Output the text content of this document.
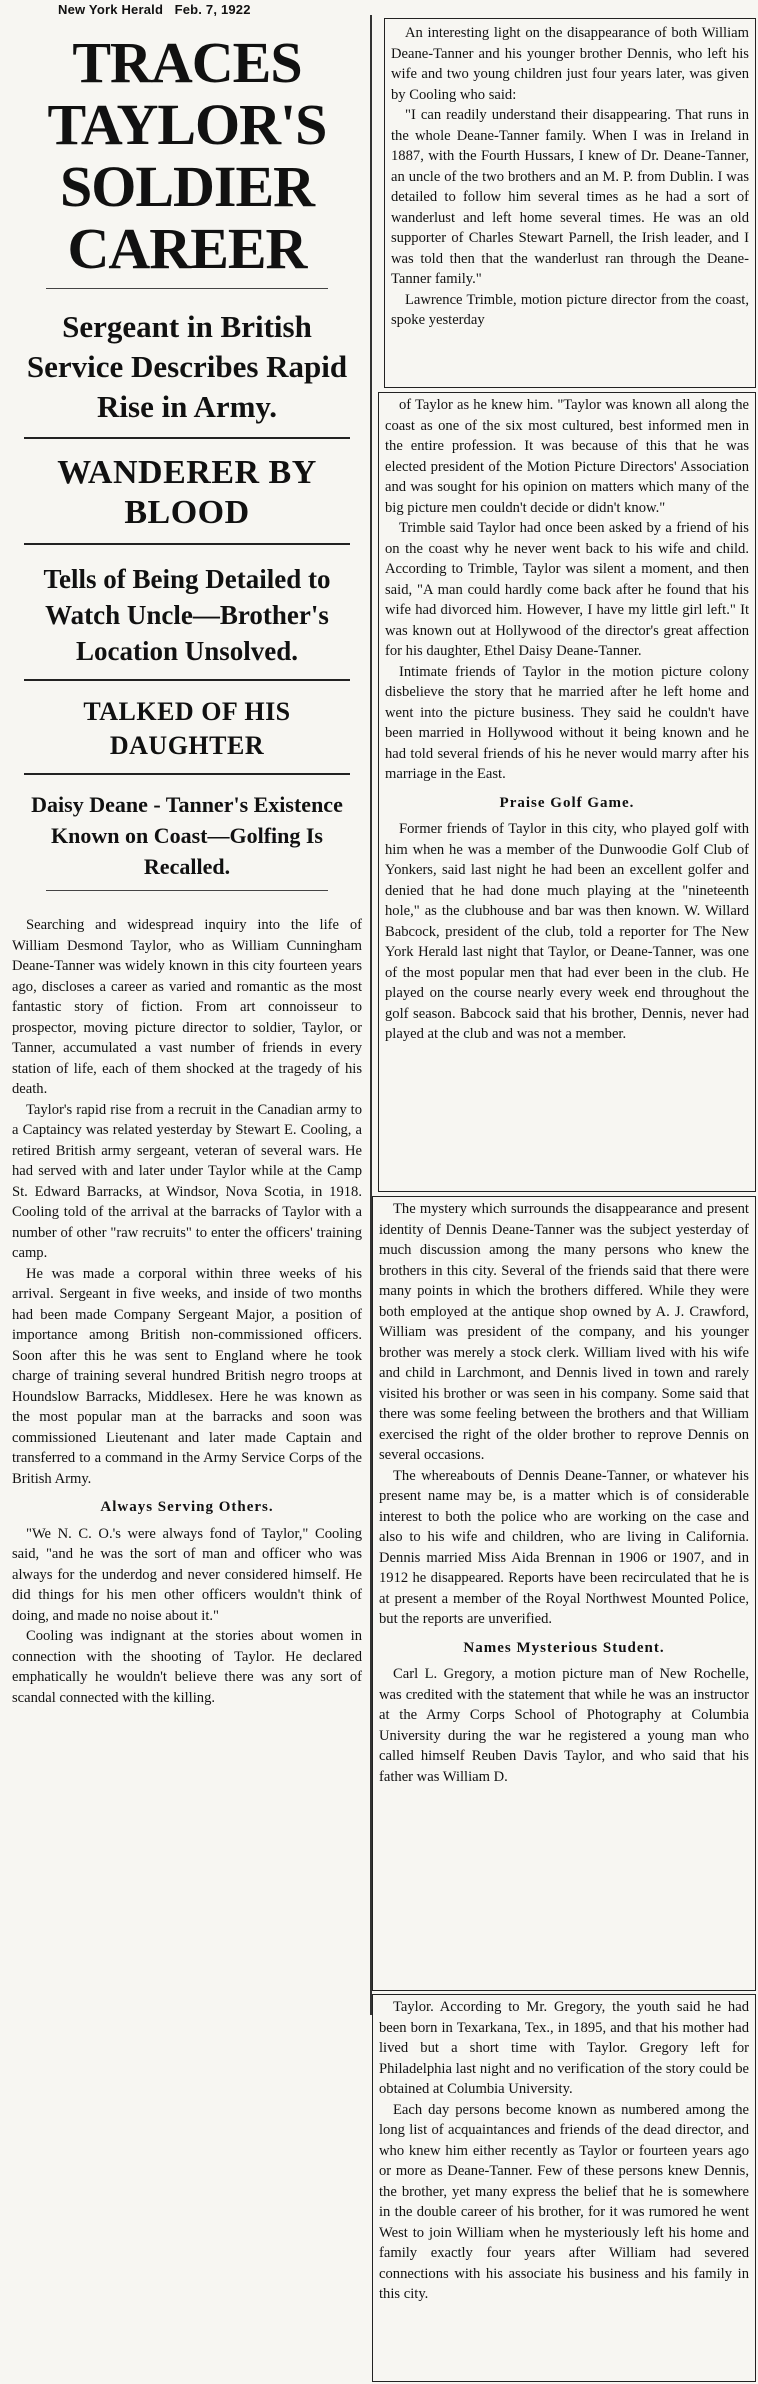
New York Herald Feb. 7, 1922
TRACES TAYLOR'S
SOLDIER CAREER
Sergeant in British Service Describes Rapid Rise in Army.
WANDERER BY BLOOD
Tells of Being Detailed to Watch Uncle—Brother's Location Unsolved.
TALKED OF HIS DAUGHTER
Daisy Deane - Tanner's Existence Known on Coast—Golfing Is Recalled.

Searching and widespread inquiry into the life of William Desmond Taylor, who as William Cunningham Deane-Tanner was widely known in this city fourteen years ago, discloses a career as varied and romantic as the most fantastic story of fiction. From art connoisseur to prospector, moving picture director to soldier, Taylor, or Tanner, accumulated a vast number of friends in every station of life, each of them shocked at the tragedy of his death.

Taylor's rapid rise from a recruit in the Canadian army to a Captaincy was related yesterday by Stewart E. Cooling, a retired British army sergeant, veteran of several wars. He had served with and later under Taylor while at the Camp St. Edward Barracks, at Windsor, Nova Scotia, in 1918. Cooling told of the arrival at the barracks of Taylor with a number of other "raw recruits" to enter the officers' training camp.

He was made a corporal within three weeks of his arrival. Sergeant in five weeks, and inside of two months had been made Company Sergeant Major, a position of importance among British non-commissioned officers. Soon after this he was sent to England where he took charge of training several hundred British negro troops at Houndslow Barracks, Middlesex. Here he was known as the most popular man at the barracks and soon was commissioned Lieutenant and later made Captain and transferred to a command in the Army Service Corps of the British Army.

Always Serving Others.

"We N. C. O.'s were always fond of Taylor," Cooling said, "and he was the sort of man and officer who was always for the underdog and never considered himself. He did things for his men other officers wouldn't think of doing, and made no noise about it."

Cooling was indignant at the stories about women in connection with the shooting of Taylor. He declared emphatically he wouldn't believe there was any sort of scandal connected with the killing.

An interesting light on the disappearance of both William Deane-Tanner and his younger brother Dennis, who left his wife and two young children just four years later, was given by Cooling who said:

"I can readily understand their disappearing. That runs in the whole Deane-Tanner family. When I was in Ireland in 1887, with the Fourth Hussars, I knew of Dr. Deane-Tanner, an uncle of the two brothers and an M. P. from Dublin. I was detailed to follow him several times as he had a sort of wanderlust and left home several times. He was an old supporter of Charles Stewart Parnell, the Irish leader, and I was told then that the wanderlust ran through the Deane-Tanner family."

Lawrence Trimble, motion picture director from the coast, spoke yesterday

of Taylor as he knew him. "Taylor was known all along the coast as one of the six most cultured, best informed men in the entire profession. It was because of this that he was elected president of the Motion Picture Directors' Association and was sought for his opinion on matters which many of the big picture men couldn't decide or didn't know."

Trimble said Taylor had once been asked by a friend of his on the coast why he never went back to his wife and child. According to Trimble, Taylor was silent a moment, and then said, "A man could hardly come back after he found that his wife had divorced him. However, I have my little girl left." It was known out at Hollywood of the director's great affection for his daughter, Ethel Daisy Deane-Tanner.

Intimate friends of Taylor in the motion picture colony disbelieve the story that he married after he left home and went into the picture business. They said he couldn't have been married in Hollywood without it being known and he had told several friends of his he never would marry after his marriage in the East.

Praise Golf Game.

Former friends of Taylor in this city, who played golf with him when he was a member of the Dunwoodie Golf Club of Yonkers, said last night he had been an excellent golfer and denied that he had done much playing at the "nineteenth hole," as the clubhouse and bar was then known. W. Willard Babcock, president of the club, told a reporter for The New York Herald last night that Taylor, or Deane-Tanner, was one of the most popular men that had ever been in the club. He played on the course nearly every week end throughout the golf season. Babcock said that his brother, Dennis, never had played at the club and was not a member.

The mystery which surrounds the disappearance and present identity of Dennis Deane-Tanner was the subject yesterday of much discussion among the many persons who knew the brothers in this city. Several of the friends said that there were many points in which the brothers differed. While they were both employed at the antique shop owned by A. J. Crawford, William was president of the company, and his younger brother was merely a stock clerk. William lived with his wife and child in Larchmont, and Dennis lived in town and rarely visited his brother or was seen in his company. Some said that there was some feeling between the brothers and that William exercised the right of the older brother to reprove Dennis on several occasions.

The whereabouts of Dennis Deane-Tanner, or whatever his present name may be, is a matter which is of considerable interest to both the police who are working on the case and also to his wife and children, who are living in California. Dennis married Miss Aida Brennan in 1906 or 1907, and in 1912 he disappeared. Reports have been recirculated that he is at present a member of the Royal Northwest Mounted Police, but the reports are unverified.

Names Mysterious Student.

Carl L. Gregory, a motion picture man of New Rochelle, was credited with the statement that while he was an instructor at the Army Corps School of Photography at Columbia University during the war he registered a young man who called himself Reuben Davis Taylor, and who said that his father was William D.

Taylor. According to Mr. Gregory, the youth said he had been born in Texarkana, Tex., in 1895, and that his mother had lived but a short time with Taylor. Gregory left for Philadelphia last night and no verification of the story could be obtained at Columbia University.

Each day persons become known as numbered among the long list of acquaintances and friends of the dead director, and who knew him either recently as Taylor or fourteen years ago or more as Deane-Tanner. Few of these persons knew Dennis, the brother, yet many express the belief that he is somewhere in the double career of his brother, for it was rumored he went West to join William when he mysteriously left his home and family exactly four years after William had severed connections with his associate his business and his family in this city.
